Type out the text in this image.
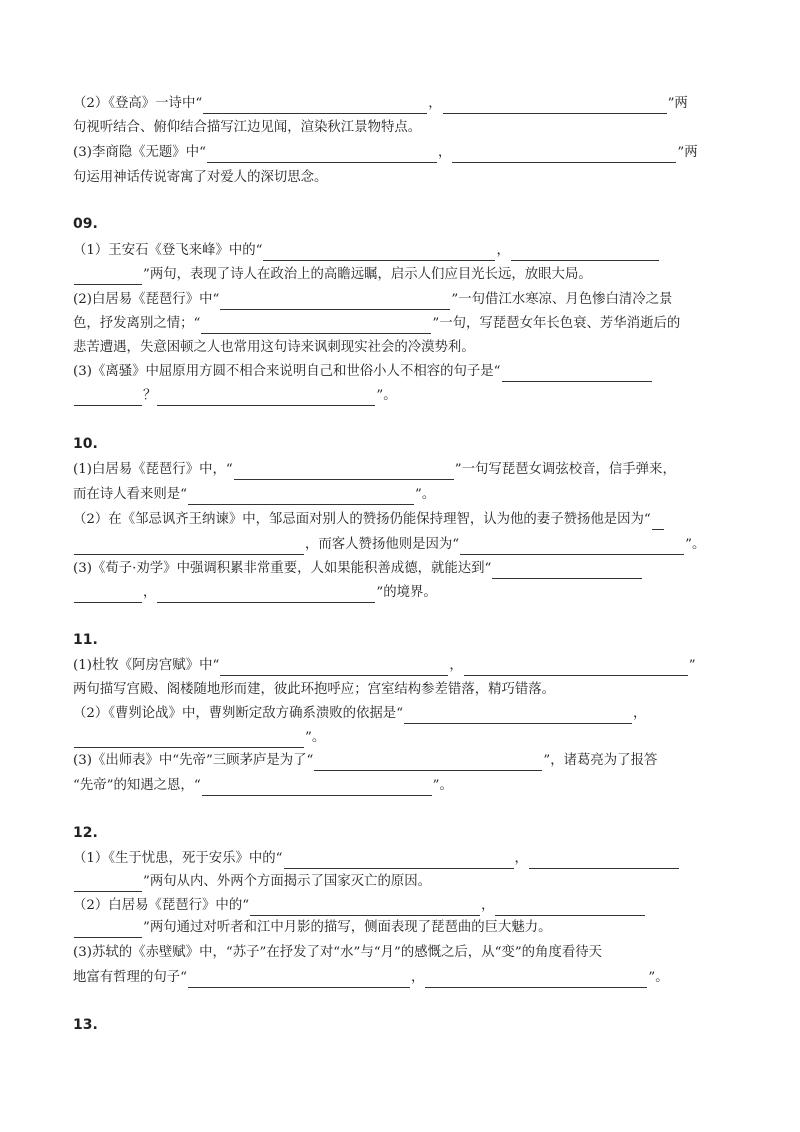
（2）《登高》一诗中“	，	”两
句视听结合、俯仰结合描写江边见闻，渲染秋江景物特点。
(3)李商隐《无题》中“	，	”两
句运用神话传说寄寓了对爱人的深切思念。
09.
（1）王安石《登飞来峰》中的“	，
”两句，表现了诗人在政治上的高瞻远瞩，启示人们应目光长远，放眼大局。
(2)白居易《琵琶行》中“	”一句借江水寒凉、月色惨白清冷之景
色，抒发离别之情；“	”一句，写琵琶女年长色衰、芳华消逝后的
悲苦遭遇，失意困顿之人也常用这句诗来讽刺现实社会的冷漠势利。
(3)《离骚》中屈原用方圆不相合来说明自己和世俗小人不相容的句子是“
？	”。
10.
(1)白居易《琵琶行》中，“	”一句写琵琶女调弦校音，信手弹来，
而在诗人看来则是“	”。
（2）在《邹忌讽齐王纳谏》中，邹忌面对别人的赞扬仍能保持理智，认为他的妻子赞扬他是因为“
，而客人赞扬他则是因为“	”。
(3)《荀子·劝学》中强调积累非常重要，人如果能积善成德，就能达到“
，	”的境界。
11.
(1)杜牧《阿房宫赋》中“	，	”
两句描写宫殿、阁楼随地形而建，彼此环抱呼应；宫室结构参差错落，精巧错落。
（2）《曹刿论战》中，曹刿断定敌方确系溃败的依据是“	，
”。
(3)《出师表》中“先帝”三顾茅庐是为了“	”，诸葛亮为了报答
“先帝”的知遇之恩，“	”。
12.
（1）《生于忧患，死于安乐》中的“	，
”两句从内、外两个方面揭示了国家灭亡的原因。
（2）白居易《琵琶行》中的“	，
”两句通过对听者和江中月影的描写，侧面表现了琵琶曲的巨大魅力。
(3)苏轼的《赤壁赋》中，“苏子”在抒发了对“水”与“月”的感慨之后，从“变”的角度看待天
地富有哲理的句子“	，	”。
13.
